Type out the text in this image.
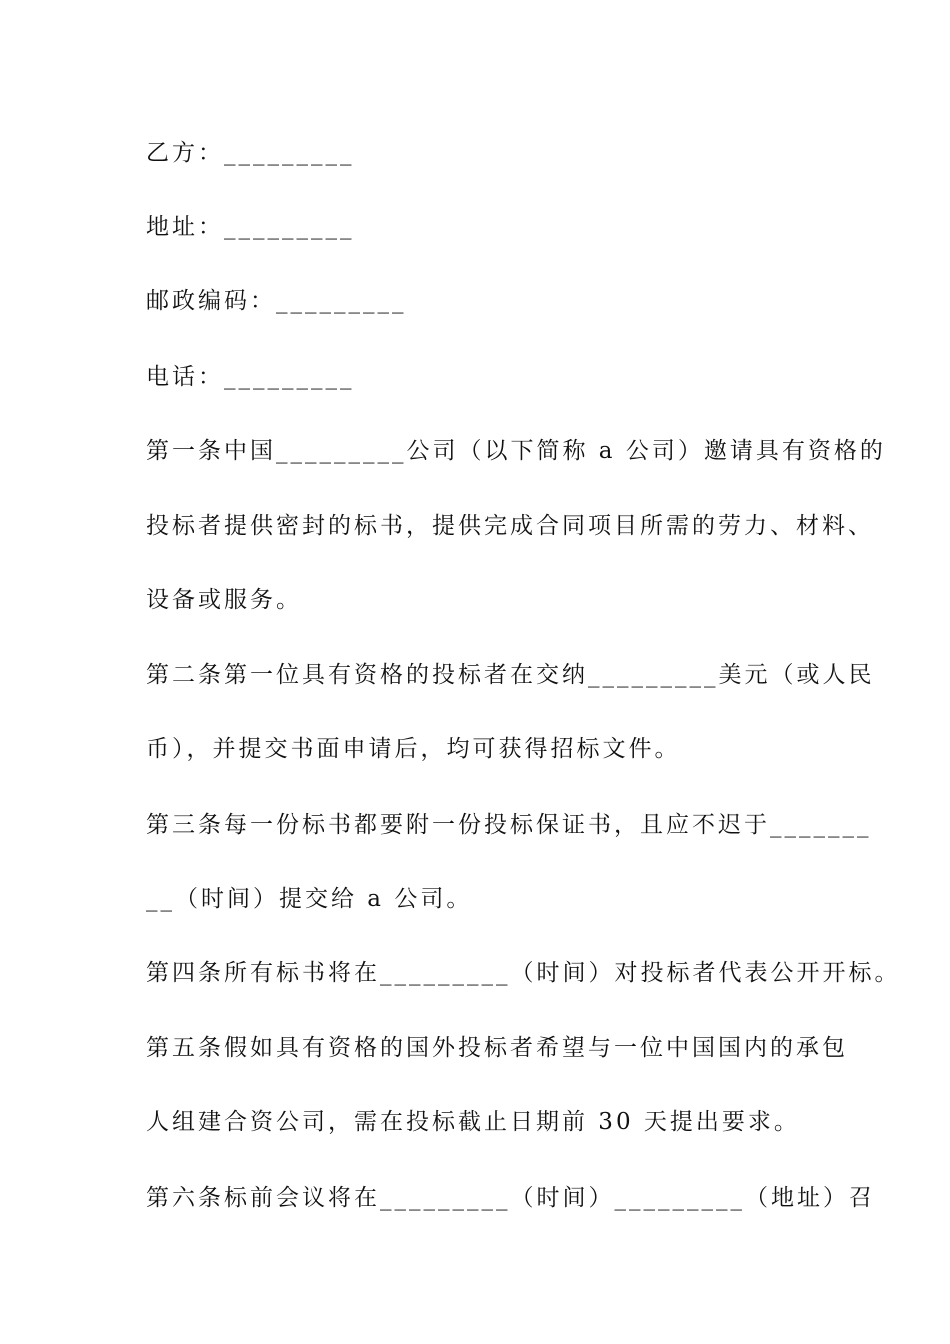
乙方：_________
地址：_________
邮政编码：_________
电话：_________
第一条中国_________公司（以下简称 a 公司）邀请具有资格的
投标者提供密封的标书，提供完成合同项目所需的劳力、材料、
设备或服务。
第二条第一位具有资格的投标者在交纳_________美元（或人民
币），并提交书面申请后，均可获得招标文件。
第三条每一份标书都要附一份投标保证书，且应不迟于_______
__（时间）提交给 a 公司。
第四条所有标书将在_________（时间）对投标者代表公开开标。
第五条假如具有资格的国外投标者希望与一位中国国内的承包
人组建合资公司，需在投标截止日期前 30 天提出要求。
第六条标前会议将在_________（时间）_________（地址）召
